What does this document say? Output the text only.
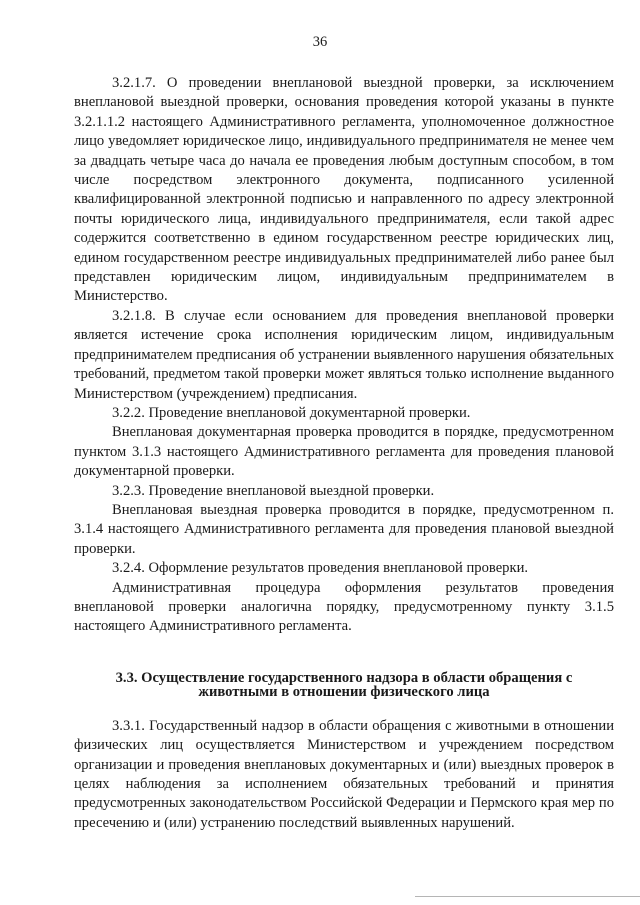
36

3.2.1.7. О проведении внеплановой выездной проверки, за исключением внеплановой выездной проверки, основания проведения которой указаны в пункте 3.2.1.1.2 настоящего Административного регламента, уполномоченное должностное лицо уведомляет юридическое лицо, индивидуального предпринимателя не менее чем за двадцать четыре часа до начала ее проведения любым доступным способом, в том числе посредством электронного документа, подписанного усиленной квалифицированной электронной подписью и направленного по адресу электронной почты юридического лица, индивидуального предпринимателя, если такой адрес содержится соответственно в едином государственном реестре юридических лиц, едином государственном реестре индивидуальных предпринимателей либо ранее был представлен юридическим лицом, индивидуальным предпринимателем в Министерство.

3.2.1.8. В случае если основанием для проведения внеплановой проверки является истечение срока исполнения юридическим лицом, индивидуальным предпринимателем предписания об устранении выявленного нарушения обязательных требований, предметом такой проверки может являться только исполнение выданного Министерством (учреждением) предписания.

3.2.2. Проведение внеплановой документарной проверки.

Внеплановая документарная проверка проводится в порядке, предусмотренном пунктом 3.1.3 настоящего Административного регламента для проведения плановой документарной проверки.

3.2.3. Проведение внеплановой выездной проверки.

Внеплановая выездная проверка проводится в порядке, предусмотренном п. 3.1.4 настоящего Административного регламента для проведения плановой выездной проверки.

3.2.4. Оформление результатов проведения внеплановой проверки.

Административная процедура оформления результатов проведения внеплановой проверки аналогична порядку, предусмотренному пункту 3.1.5 настоящего Административного регламента.

3.3. Осуществление государственного надзора в области обращения с
животными в отношении физического лица

3.3.1. Государственный надзор в области обращения с животными в отношении физических лиц осуществляется Министерством и учреждением посредством организации и проведения внеплановых документарных и (или) выездных проверок в целях наблюдения за исполнением обязательных требований и принятия предусмотренных законодательством Российской Федерации и Пермского края мер по пресечению и (или) устранению последствий выявленных нарушений.
